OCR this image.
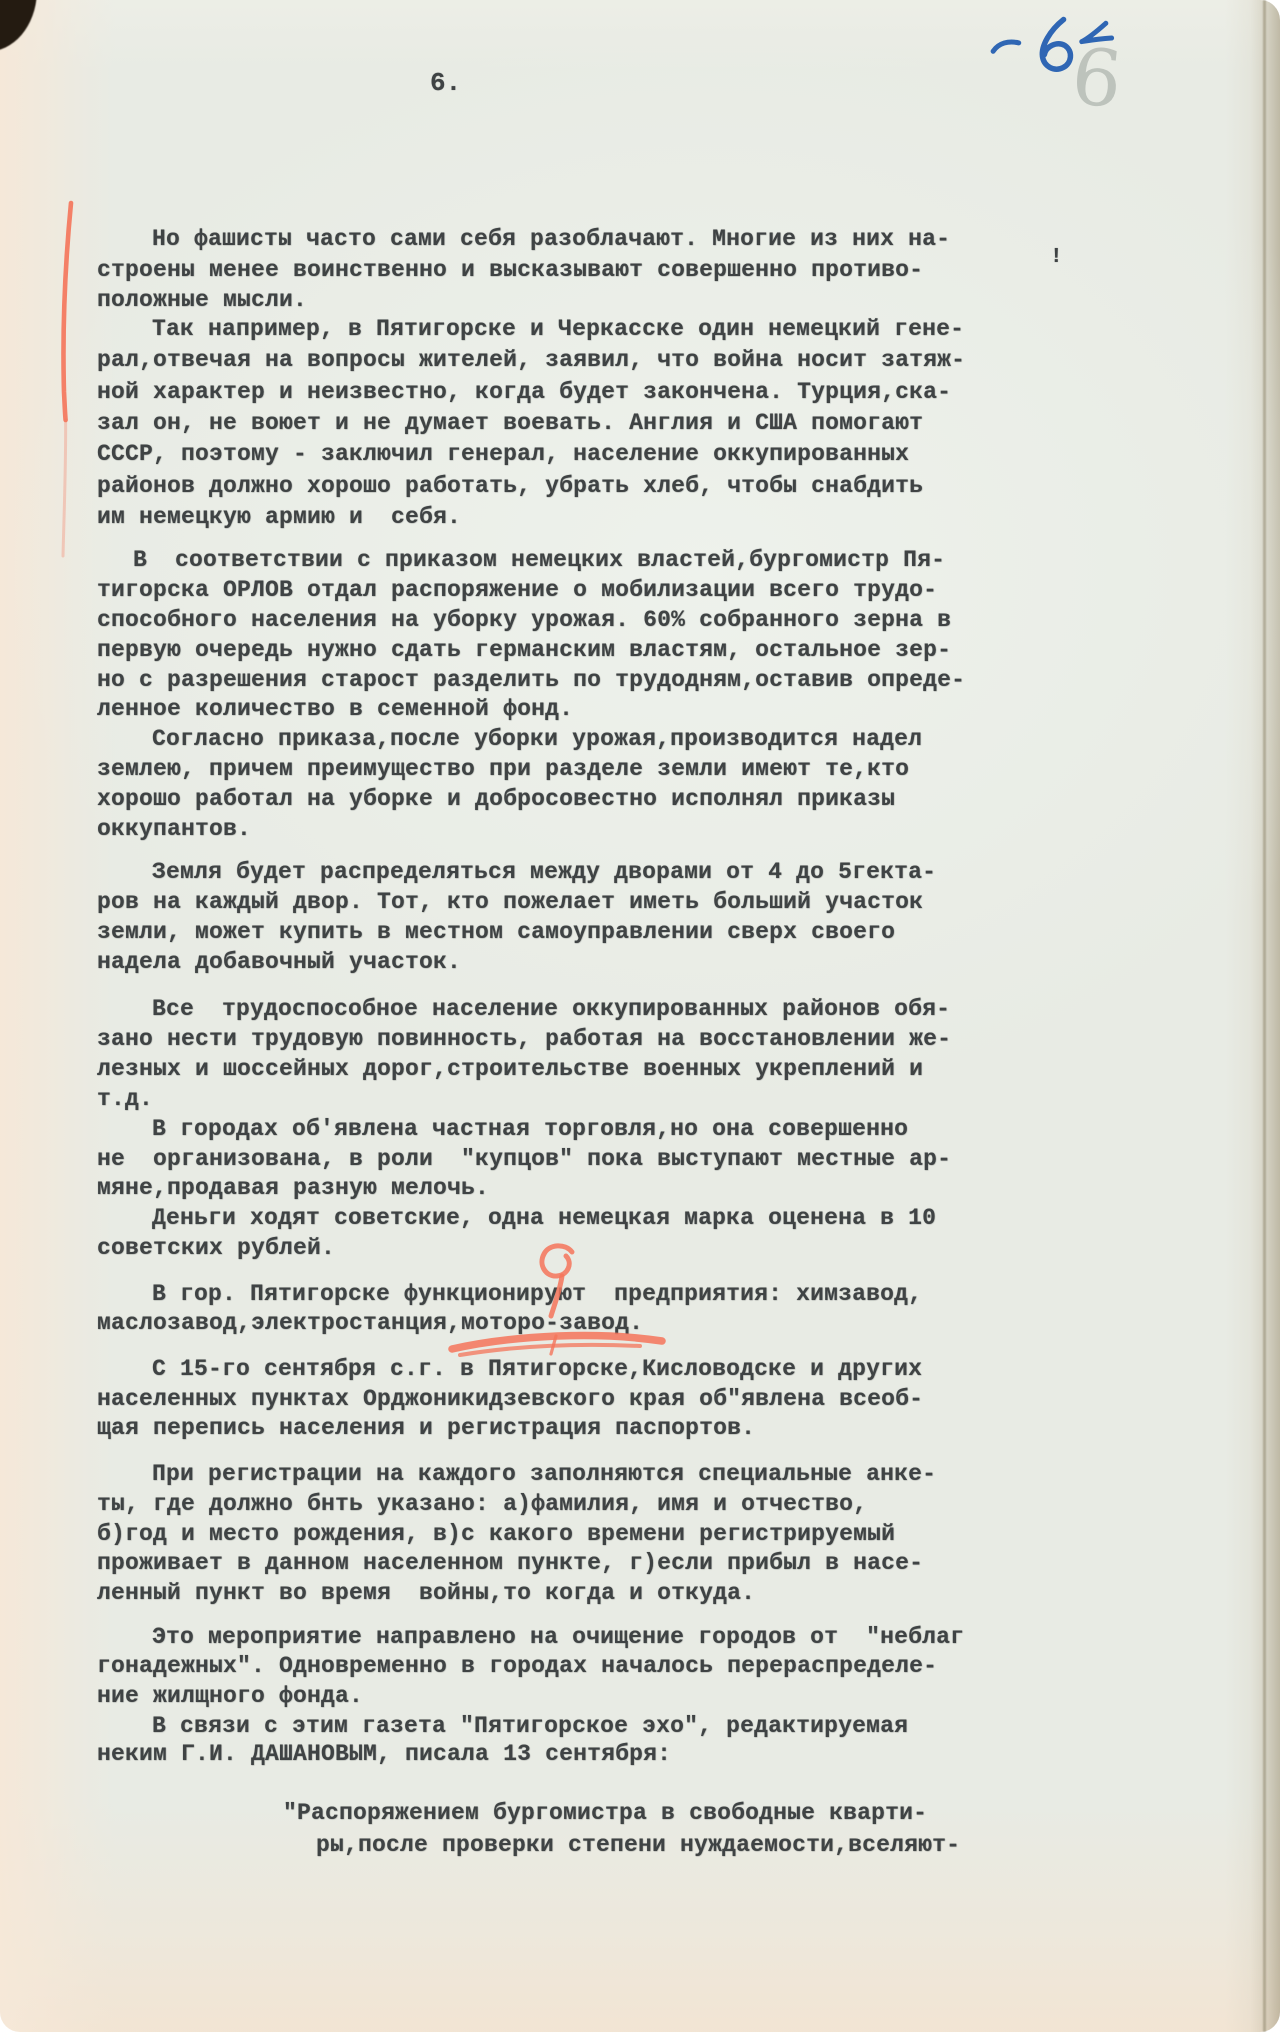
6.	6
Но фашисты часто сами себя разоблачают. Многие из них на-
строены менее воинственно и высказывают совершенно противо-
положные мысли.
Так например, в Пятигорске и Черкасске один немецкий гене-
рал,отвечая на вопросы жителей, заявил, что война носит затяж-
ной характер и неизвестно, когда будет закончена. Турция,ска-
зал он, не воюет и не думает воевать. Англия и США помогают
СССР, поэтому - заключил генерал, население оккупированных
районов должно хорошо работать, убрать хлеб, чтобы снабдить
им немецкую армию и  себя.
В  соответствии с приказом немецких властей,бургомистр Пя-
тигорска ОРЛОВ отдал распоряжение о мобилизации всего трудо-
способного населения на уборку урожая. 60% собранного зерна в
первую очередь нужно сдать германским властям, остальное зер-
но с разрешения старост разделить по трудодням,оставив опреде-
ленное количество в семенной фонд.
Согласно приказа,после уборки урожая,производится надел
землею, причем преимущество при разделе земли имеют те,кто
хорошо работал на уборке и добросовестно исполнял приказы
оккупантов.
Земля будет распределяться между дворами от 4 до 5гекта-
ров на каждый двор. Тот, кто пожелает иметь больший участок
земли, может купить в местном самоуправлении сверх своего
надела добавочный участок.
Все  трудоспособное население оккупированных районов обя-
зано нести трудовую повинность, работая на восстановлении же-
лезных и шоссейных дорог,строительстве военных укреплений и
т.д.
В городах об'явлена частная торговля,но она совершенно
не  организована, в роли  "купцов" пока выступают местные ар-
мяне,продавая разную мелочь.
Деньги ходят советские, одна немецкая марка оценена в 10
советских рублей.
В гор. Пятигорске функционируют  предприятия: химзавод,
маслозавод,электростанция,моторо-завод.
С 15-го сентября с.г. в Пятигорске,Кисловодске и других
населенных пунктах Орджоникидзевского края об"явлена всеоб-
щая перепись населения и регистрация паспортов.
При регистрации на каждого заполняются специальные анке-
ты, где должно бнть указано: а)фамилия, имя и отчество,
б)год и место рождения, в)с какого времени регистрируемый
проживает в данном населенном пункте, г)если прибыл в насе-
ленный пункт во время  войны,то когда и откуда.
Это мероприятие направлено на очищение городов от  "неблаг
гонадежных". Одновременно в городах началось перераспределе-
ние жилщного фонда.
В связи с этим газета "Пятигорское эхо", редактируемая
неким Г.И. ДАШАНОВЫМ, писала 13 сентября:
"Распоряжением бургомистра в свободные кварти-
ры,после проверки степени нуждаемости,вселяют-
!
